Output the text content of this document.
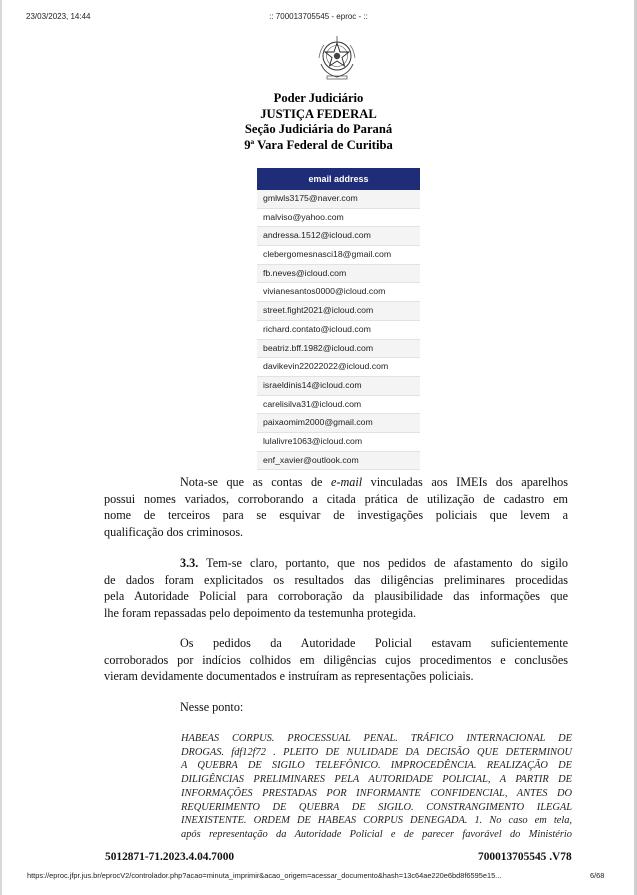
23/03/2023, 14:44	:: 700013705545 - eproc - ::
Poder Judiciário
JUSTIÇA FEDERAL
Seção Judiciária do Paraná
9ª Vara Federal de Curitiba
email address
gmlwls3175@naver.com
malviso@yahoo.com
andressa.1512@icloud.com
clebergomesnasci18@gmail.com
fb.neves@icloud.com
vivianesantos0000@icloud.com
street.fight2021@icloud.com
richard.contato@icloud.com
beatriz.bff.1982@icloud.com
davikevin22022022@icloud.com
israeldinis14@icloud.com
carelisilva31@icloud.com
paixaomim2000@gmail.com
lulalivre1063@icloud.com
enf_xavier@outlook.com
Nota-se que as contas de e-mail vinculadas aos IMEIs dos aparelhos
possui nomes variados, corroborando a citada prática de utilização de cadastro em
nome de terceiros para se esquivar de investigações policiais que levem a
qualificação dos criminosos.
3.3. Tem-se claro, portanto, que nos pedidos de afastamento do sigilo
de dados foram explicitados os resultados das diligências preliminares procedidas
pela Autoridade Policial para corroboração da plausibilidade das informações que
lhe foram repassadas pelo depoimento da testemunha protegida.
Os pedidos da Autoridade Policial estavam suficientemente
corroborados por indícios colhidos em diligências cujos procedimentos e conclusões
vieram devidamente documentados e instruíram as representações policiais.
Nesse ponto:
HABEAS CORPUS. PROCESSUAL PENAL. TRÁFICO INTERNACIONAL DE
DROGAS. fdf12f72 . PLEITO DE NULIDADE DA DECISÃO QUE DETERMINOU
A QUEBRA DE SIGILO TELEFÔNICO. IMPROCEDÊNCIA. REALIZAÇÃO DE
DILIGÊNCIAS PRELIMINARES PELA AUTORIDADE POLICIAL, A PARTIR DE
INFORMAÇÕES PRESTADAS POR INFORMANTE CONFIDENCIAL, ANTES DO
REQUERIMENTO DE QUEBRA DE SIGILO. CONSTRANGIMENTO ILEGAL
INEXISTENTE. ORDEM DE HABEAS CORPUS DENEGADA. 1. No caso em tela,
após representação da Autoridade Policial e de parecer favorável do Ministério
5012871-71.2023.4.04.7000	700013705545 .V78
https://eproc.jfpr.jus.br/eprocV2/controlador.php?acao=minuta_imprimir&acao_origem=acessar_documento&hash=13c64ae220e6bd8f6595e15...	6/68
